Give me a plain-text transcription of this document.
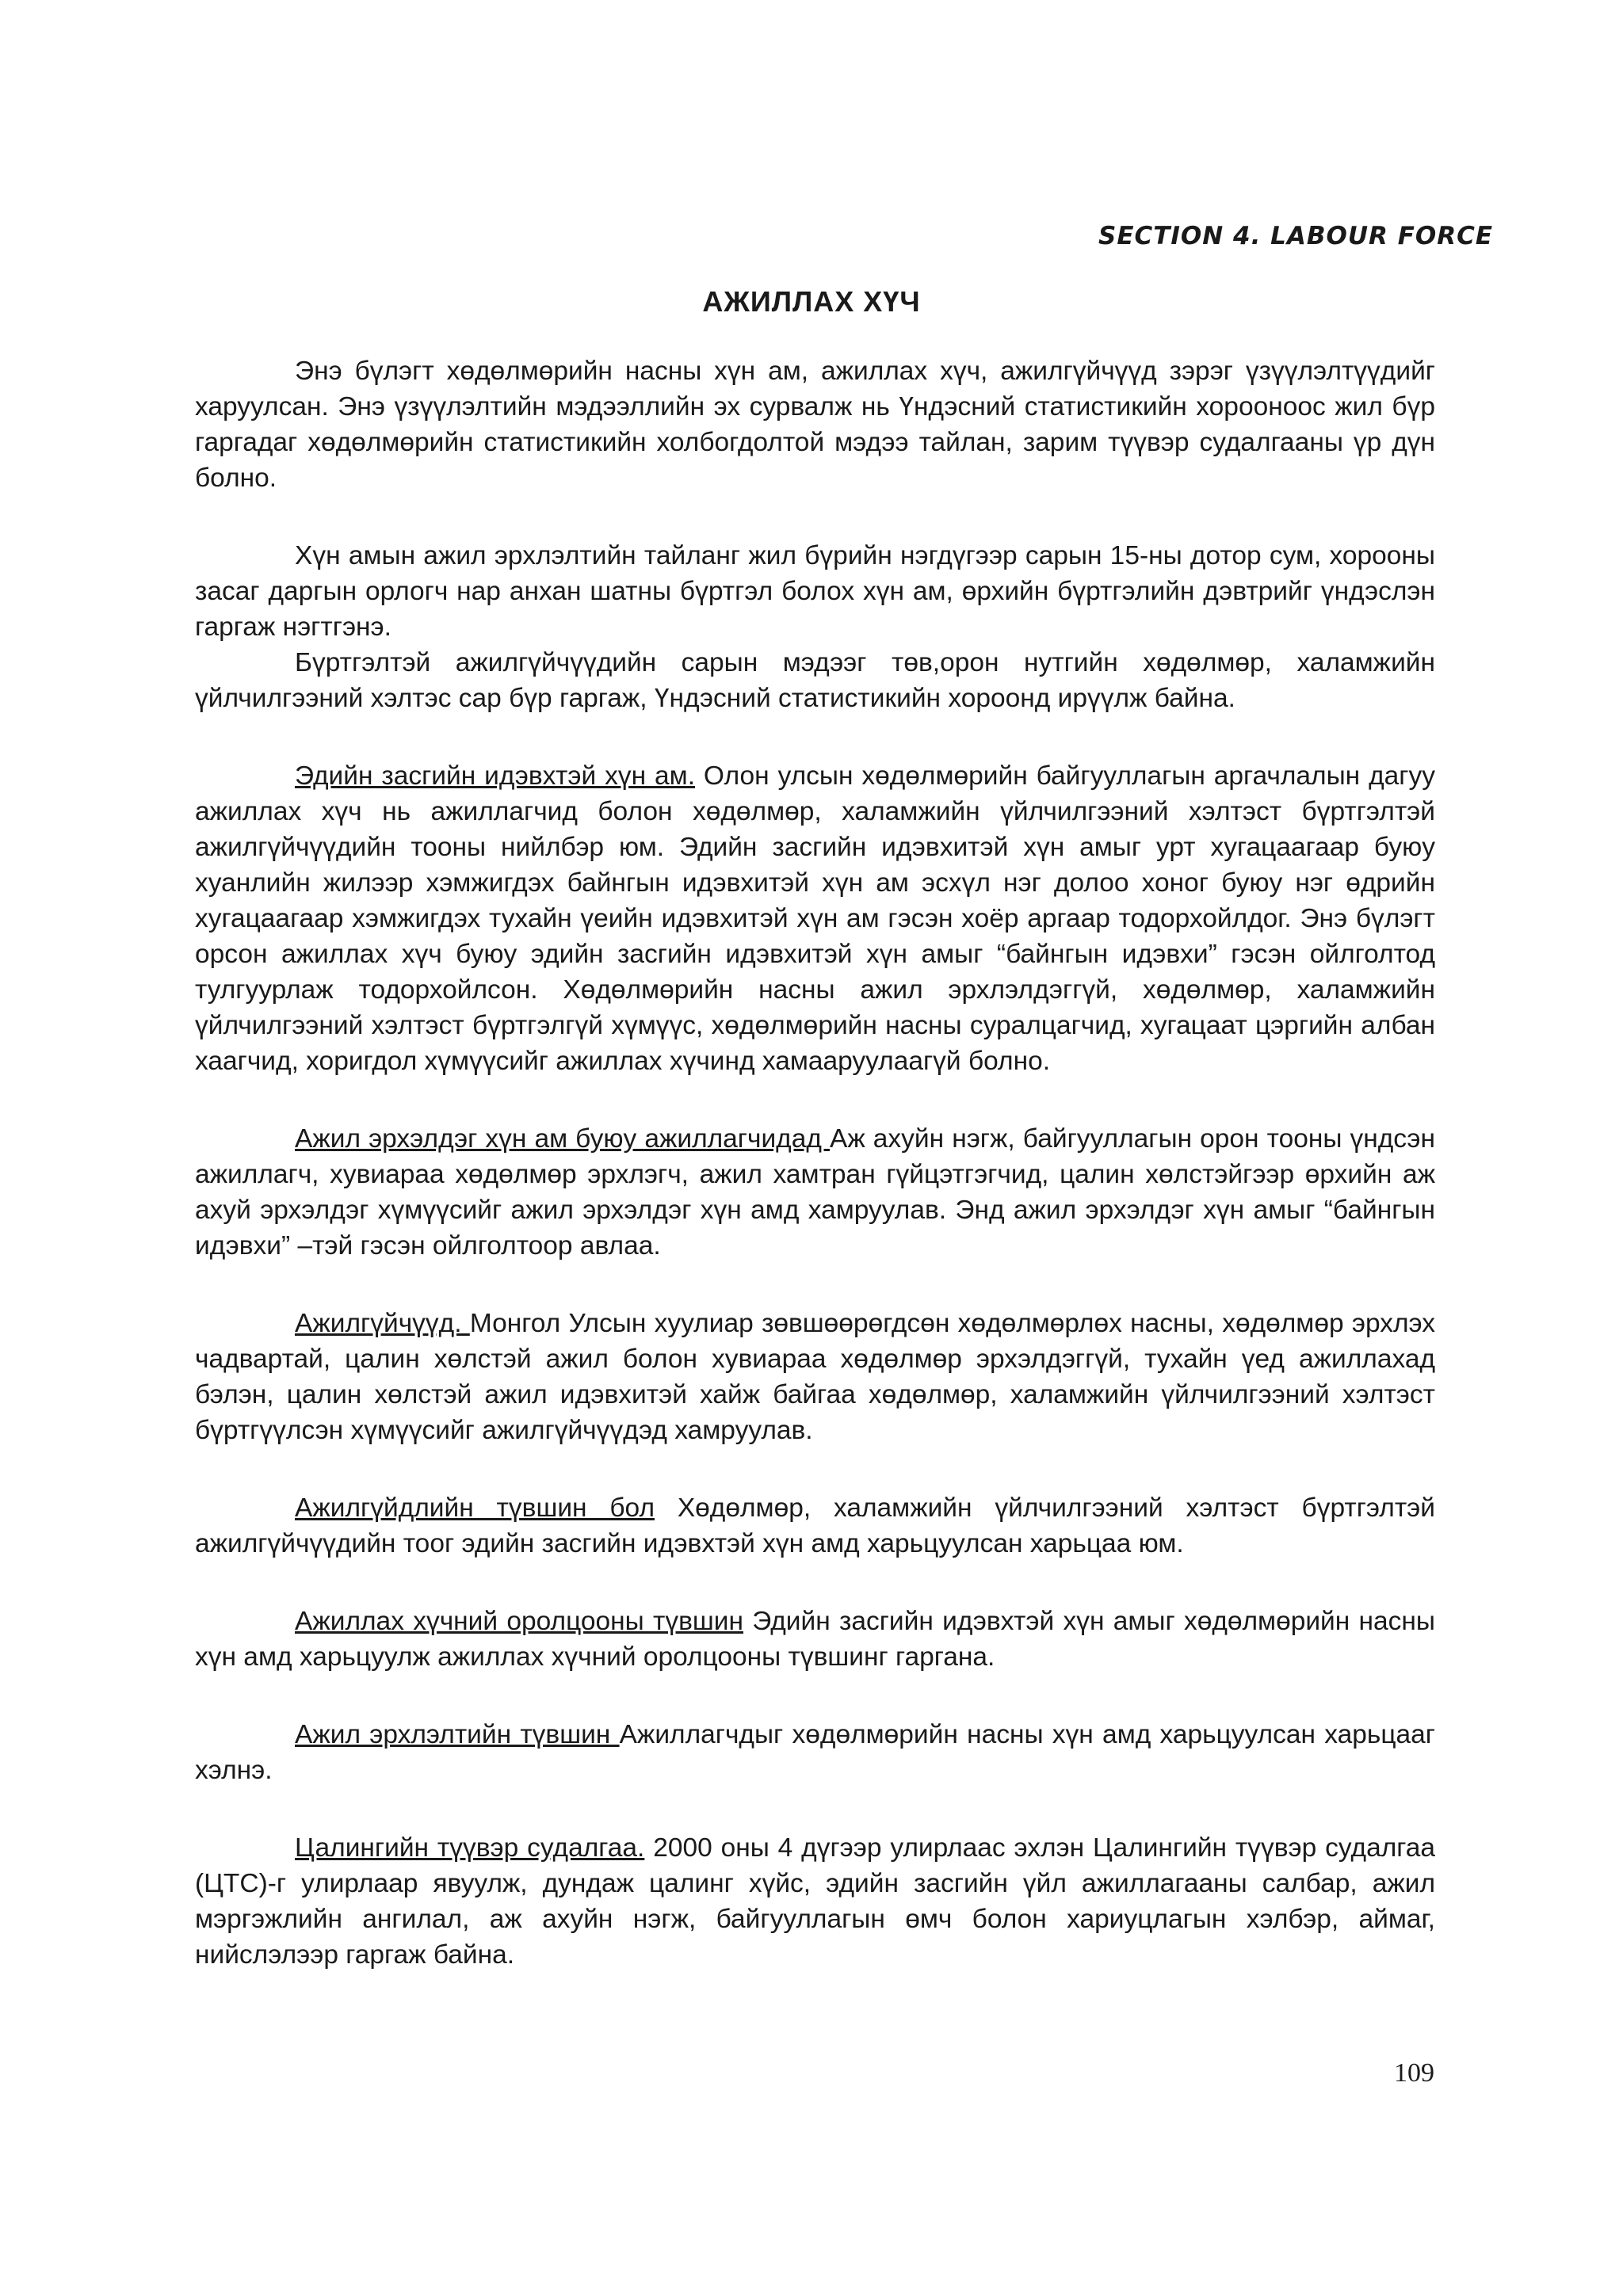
SECTION 4. LABOUR FORCE
АЖИЛЛАХ ХҮЧ

Энэ бүлэгт хөдөлмөрийн насны хүн ам, ажиллах хүч, ажилгүйчүүд зэрэг үзүүлэлтүүдийг харуулсан. Энэ үзүүлэлтийн мэдээллийн эх сурвалж нь Үндэсний статистикийн хорооноос жил бүр гаргадаг хөдөлмөрийн статистикийн холбогдолтой мэдээ тайлан, зарим түүвэр судалгааны үр дүн болно.

Хүн амын ажил эрхлэлтийн тайланг жил бүрийн нэгдүгээр сарын 15-ны дотор сум, хорооны засаг даргын орлогч нар анхан шатны бүртгэл болох хүн ам, өрхийн бүртгэлийн дэвтрийг үндэслэн гаргаж нэгтгэнэ.

Бүртгэлтэй ажилгүйчүүдийн сарын мэдээг төв,орон нутгийн хөдөлмөр, халамжийн үйлчилгээний хэлтэс сар бүр гаргаж, Үндэсний статистикийн хороонд ирүүлж байна.

Эдийн засгийн идэвхтэй хүн ам. Олон улсын хөдөлмөрийн байгууллагын аргачлалын дагуу ажиллах хүч нь ажиллагчид болон хөдөлмөр, халамжийн үйлчилгээний хэлтэст бүртгэлтэй ажилгүйчүүдийн тооны нийлбэр юм. Эдийн засгийн идэвхитэй хүн амыг урт хугацаагаар буюу хуанлийн жилээр хэмжигдэх байнгын идэвхитэй хүн ам эсхүл нэг долоо хоног буюу нэг өдрийн хугацаагаар хэмжигдэх тухайн үеийн идэвхитэй хүн ам гэсэн хоёр аргаар тодорхойлдог. Энэ бүлэгт орсон ажиллах хүч буюу эдийн засгийн идэвхитэй хүн амыг “байнгын идэвхи” гэсэн ойлголтод тулгуурлаж тодорхойлсон. Хөдөлмөрийн насны ажил эрхлэлдэггүй, хөдөлмөр, халамжийн үйлчилгээний хэлтэст бүртгэлгүй хүмүүс, хөдөлмөрийн насны суралцагчид, хугацаат цэргийн албан хаагчид, хоригдол хүмүүсийг ажиллах хүчинд хамааруулаагүй болно.

Ажил эрхэлдэг хүн ам буюу ажиллагчидад Аж ахуйн нэгж, байгууллагын орон тооны үндсэн ажиллагч, хувиараа хөдөлмөр эрхлэгч, ажил хамтран гүйцэтгэгчид, цалин хөлстэйгээр өрхийн аж ахуй эрхэлдэг хүмүүсийг ажил эрхэлдэг хүн амд хамруулав. Энд ажил эрхэлдэг хүн амыг “байнгын идэвхи” –тэй гэсэн ойлголтоор авлаа.

Ажилгүйчүүд. Монгол Улсын хуулиар зөвшөөрөгдсөн хөдөлмөрлөх насны, хөдөлмөр эрхлэх чадвартай, цалин хөлстэй ажил болон хувиараа хөдөлмөр эрхэлдэггүй, тухайн үед ажиллахад бэлэн, цалин хөлстэй ажил идэвхитэй хайж байгаа хөдөлмөр, халамжийн үйлчилгээний хэлтэст бүртгүүлсэн хүмүүсийг ажилгүйчүүдэд хамруулав.

Ажилгүйдлийн түвшин бол Хөдөлмөр, халамжийн үйлчилгээний хэлтэст бүртгэлтэй ажилгүйчүүдийн тоог эдийн засгийн идэвхтэй хүн амд харьцуулсан харьцаа юм.

Ажиллах хүчний оролцооны түвшин Эдийн засгийн идэвхтэй хүн амыг хөдөлмөрийн насны хүн амд харьцуулж ажиллах хүчний оролцооны түвшинг гаргана.

Ажил эрхлэлтийн түвшин Ажиллагчдыг хөдөлмөрийн насны хүн амд харьцуулсан харьцааг хэлнэ.

Цалингийн түүвэр судалгаа. 2000 оны 4 дүгээр улирлаас эхлэн Цалингийн түүвэр судалгаа (ЦТС)-г улирлаар явуулж, дундаж цалинг хүйс, эдийн засгийн үйл ажиллагааны салбар, ажил мэргэжлийн ангилал, аж ахуйн нэгж, байгууллагын өмч болон хариуцлагын хэлбэр, аймаг, нийслэлээр гаргаж байна.

109
